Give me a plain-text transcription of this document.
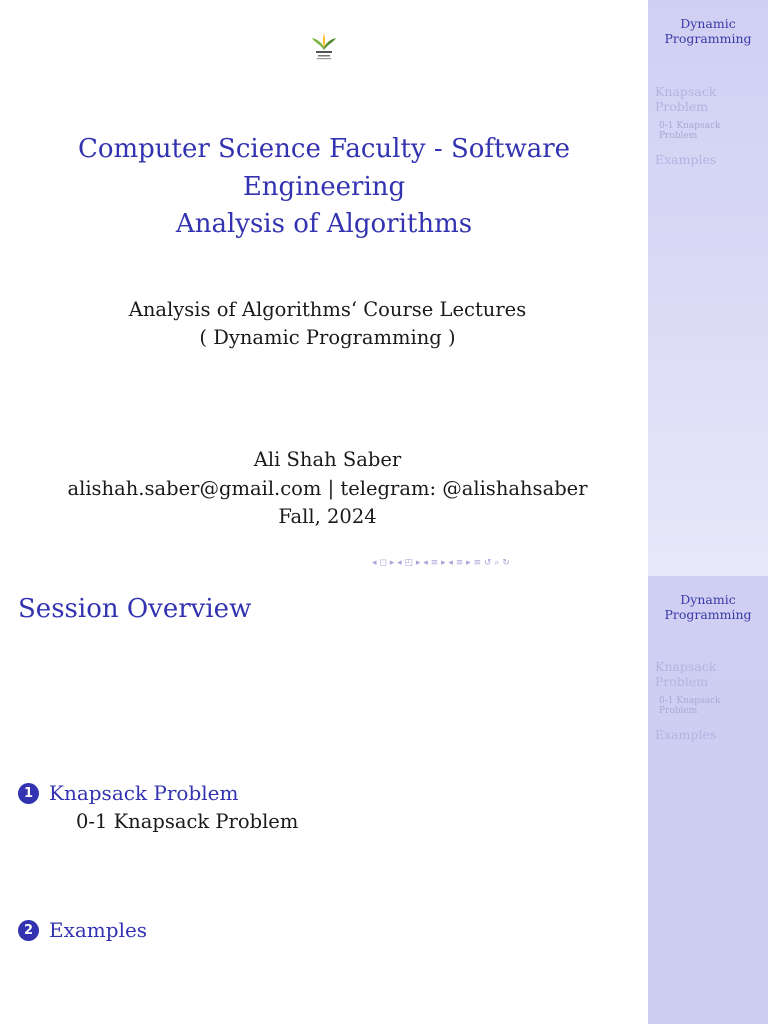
Dynamic
Programming
Knapsack
Problem
0-1 Knapsack
Problem
Examples
Computer Science Faculty - Software
Engineering
Analysis of Algorithms
Analysis of Algorithms‘ Course Lectures
( Dynamic Programming )
Ali Shah Saber
alishah.saber@gmail.com | telegram: @alishahsaber
Fall, 2024
◂ ◻ ▸ ◂ ◰ ▸ ◂ ≡ ▸ ◂ ≡ ▸ ≡ ↺ ⌕ ↻
Dynamic
Programming
Knapsack
Problem
0-1 Knapsack
Problem
Examples
Session Overview
1 Knapsack Problem
0-1 Knapsack Problem
2 Examples
